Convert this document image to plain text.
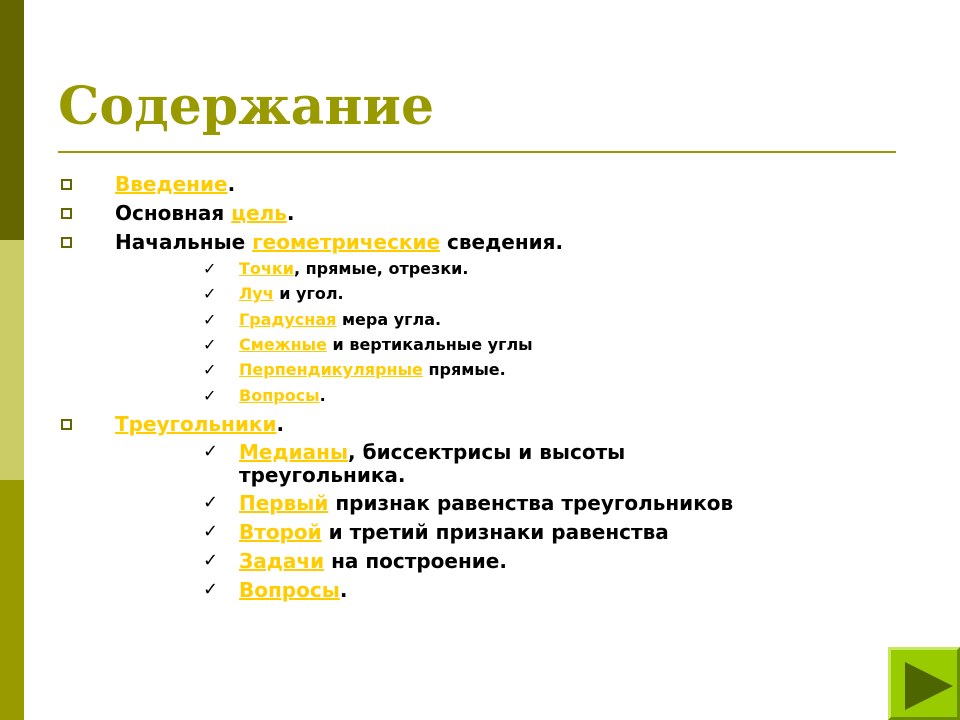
Содержание
Введение.
Основная цель.
Начальные геометрические сведения.
✓ Точки, прямые, отрезки.
✓ Луч и угол.
✓ Градусная мера угла.
✓ Смежные и вертикальные углы
✓ Перпендикулярные прямые.
✓ Вопросы.
Треугольники.
✓ Медианы, биссектрисы и высоты
треугольника.
✓ Первый признак равенства треугольников
✓ Второй и третий признаки равенства
✓ Задачи на построение.
✓ Вопросы.
